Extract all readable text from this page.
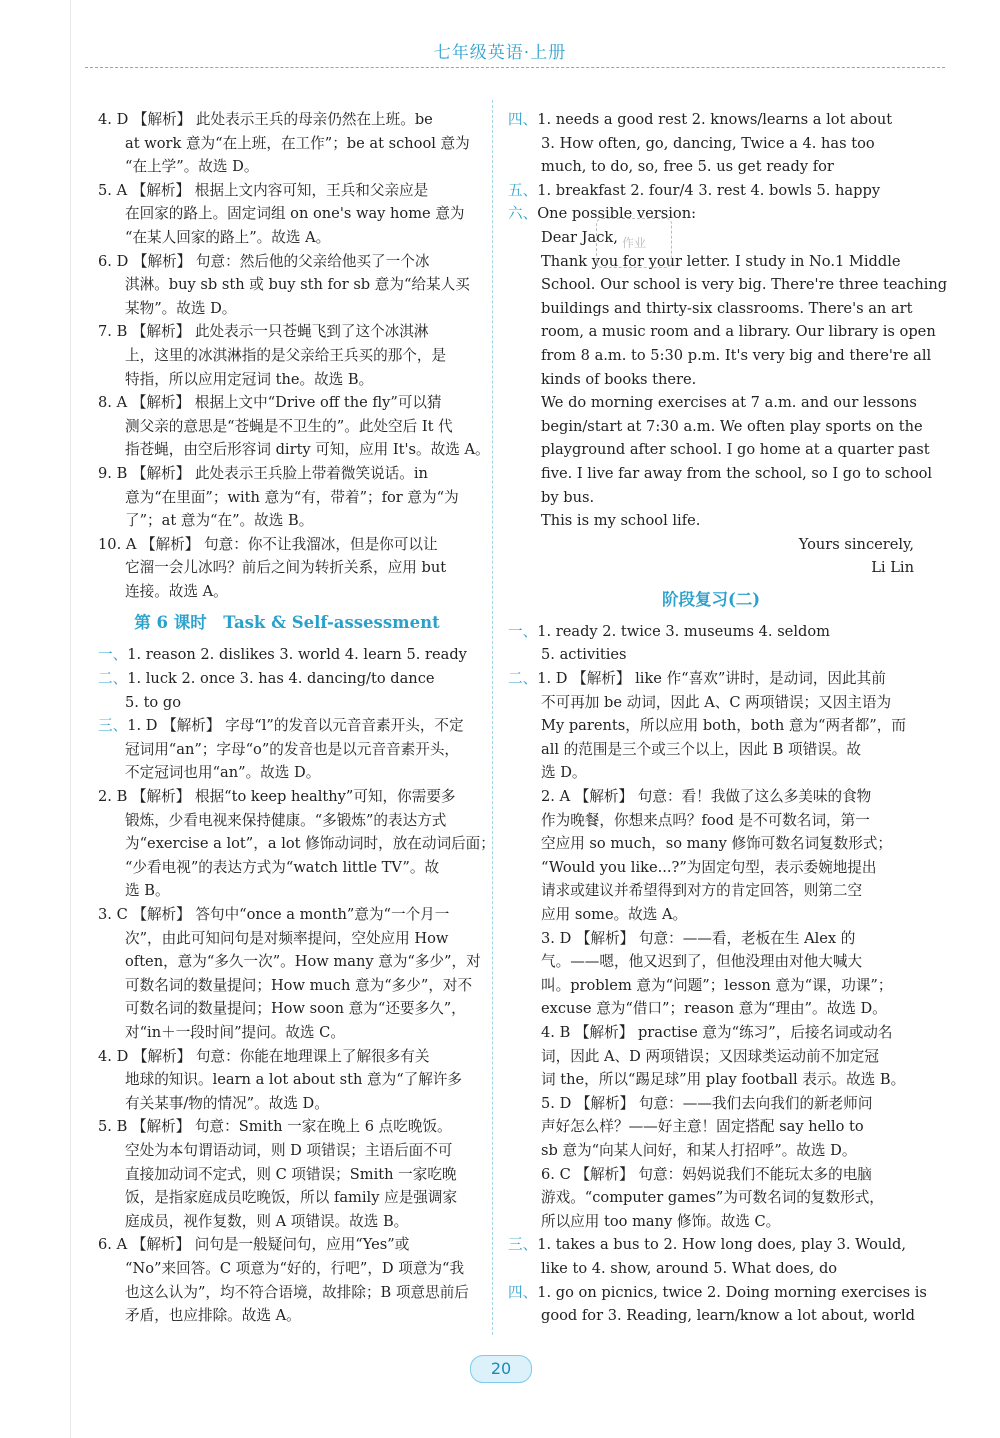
七年级英语·上册
4. D 【解析】 此处表示王兵的母亲仍然在上班。be
at work 意为“在上班，在工作”；be at school 意为
“在上学”。故选 D。
5. A 【解析】 根据上文内容可知，王兵和父亲应是
在回家的路上。固定词组 on one's way home 意为
“在某人回家的路上”。故选 A。
6. D 【解析】 句意：然后他的父亲给他买了一个冰
淇淋。buy sb sth 或 buy sth for sb 意为“给某人买
某物”。故选 D。
7. B 【解析】 此处表示一只苍蝇飞到了这个冰淇淋
上，这里的冰淇淋指的是父亲给王兵买的那个，是
特指，所以应用定冠词 the。故选 B。
8. A 【解析】 根据上文中“Drive off the fly”可以猜
测父亲的意思是“苍蝇是不卫生的”。此处空后 It 代
指苍蝇，由空后形容词 dirty 可知，应用 It's。故选 A。
9. B 【解析】 此处表示王兵脸上带着微笑说话。in
意为“在里面”；with 意为“有，带着”；for 意为“为
了”；at 意为“在”。故选 B。
10. A 【解析】 句意：你不让我溜冰，但是你可以让
它溜一会儿冰吗？前后之间为转折关系，应用 but
连接。故选 A。
第 6 课时　Task & Self-assessment
一、1. reason 2. dislikes 3. world 4. learn 5. ready
二、1. luck 2. once 3. has 4. dancing/to dance
5. to go
三、1. D 【解析】 字母“l”的发音以元音音素开头，不定
冠词用“an”；字母“o”的发音也是以元音音素开头，
不定冠词也用“an”。故选 D。
2. B 【解析】 根据“to keep healthy”可知，你需要多
锻炼，少看电视来保持健康。“多锻炼”的表达方式
为“exercise a lot”，a lot 修饰动词时，放在动词后面；
“少看电视”的表达方式为“watch little TV”。故
选 B。
3. C 【解析】 答句中“once a month”意为“一个月一
次”，由此可知问句是对频率提问，空处应用 How
often，意为“多久一次”。How many 意为“多少”，对
可数名词的数量提问；How much 意为“多少”，对不
可数名词的数量提问；How soon 意为“还要多久”，
对“in＋一段时间”提问。故选 C。
4. D 【解析】 句意：你能在地理课上了解很多有关
地球的知识。learn a lot about sth 意为“了解许多
有关某事/物的情况”。故选 D。
5. B 【解析】 句意：Smith 一家在晚上 6 点吃晚饭。
空处为本句谓语动词，则 D 项错误；主语后面不可
直接加动词不定式，则 C 项错误；Smith 一家吃晚
饭，是指家庭成员吃晚饭，所以 family 应是强调家
庭成员，视作复数，则 A 项错误。故选 B。
6. A 【解析】 问句是一般疑问句，应用“Yes”或
“No”来回答。C 项意为“好的，行吧”，D 项意为“我
也这么认为”，均不符合语境，故排除；B 项意思前后
矛盾，也应排除。故选 A。
四、1. needs a good rest 2. knows/learns a lot about
3. How often, go, dancing, Twice a 4. has too
much, to do, so, free 5. us get ready for
五、1. breakfast 2. four/4 3. rest 4. bowls 5. happy
六、One possible version:
Dear Jack,
Thank you for your letter. I study in No.1 Middle
School. Our school is very big. There're three teaching
buildings and thirty-six classrooms. There's an art
room, a music room and a library. Our library is open
from 8 a.m. to 5:30 p.m. It's very big and there're all
kinds of books there.
We do morning exercises at 7 a.m. and our lessons
begin/start at 7:30 a.m. We often play sports on the
playground after school. I go home at a quarter past
five. I live far away from the school, so I go to school
by bus.
This is my school life.
Yours sincerely,
Li Lin
阶段复习(二)
一、1. ready 2. twice 3. museums 4. seldom
5. activities
二、1. D 【解析】 like 作“喜欢”讲时，是动词，因此其前
不可再加 be 动词，因此 A、C 两项错误；又因主语为
My parents，所以应用 both，both 意为“两者都”，而
all 的范围是三个或三个以上，因此 B 项错误。故
选 D。
2. A 【解析】 句意：看！我做了这么多美味的食物
作为晚餐，你想来点吗？food 是不可数名词，第一
空应用 so much，so many 修饰可数名词复数形式；
“Would you like...?”为固定句型，表示委婉地提出
请求或建议并希望得到对方的肯定回答，则第二空
应用 some。故选 A。
3. D 【解析】 句意：——看，老板在生 Alex 的
气。——嗯，他又迟到了，但他没理由对他大喊大
叫。problem 意为“问题”；lesson 意为“课，功课”；
excuse 意为“借口”；reason 意为“理由”。故选 D。
4. B 【解析】 practise 意为“练习”，后接名词或动名
词，因此 A、D 两项错误；又因球类运动前不加定冠
词 the，所以“踢足球”用 play football 表示。故选 B。
5. D 【解析】 句意：——我们去向我们的新老师问
声好怎么样？——好主意！固定搭配 say hello to
sb 意为“向某人问好，和某人打招呼”。故选 D。
6. C 【解析】 句意：妈妈说我们不能玩太多的电脑
游戏。“computer games”为可数名词的复数形式，
所以应用 too many 修饰。故选 C。
三、1. takes a bus to 2. How long does, play 3. Would,
like to 4. show, around 5. What does, do
四、1. go on picnics, twice 2. Doing morning exercises is
good for 3. Reading, learn/know a lot about, world
作业
20
